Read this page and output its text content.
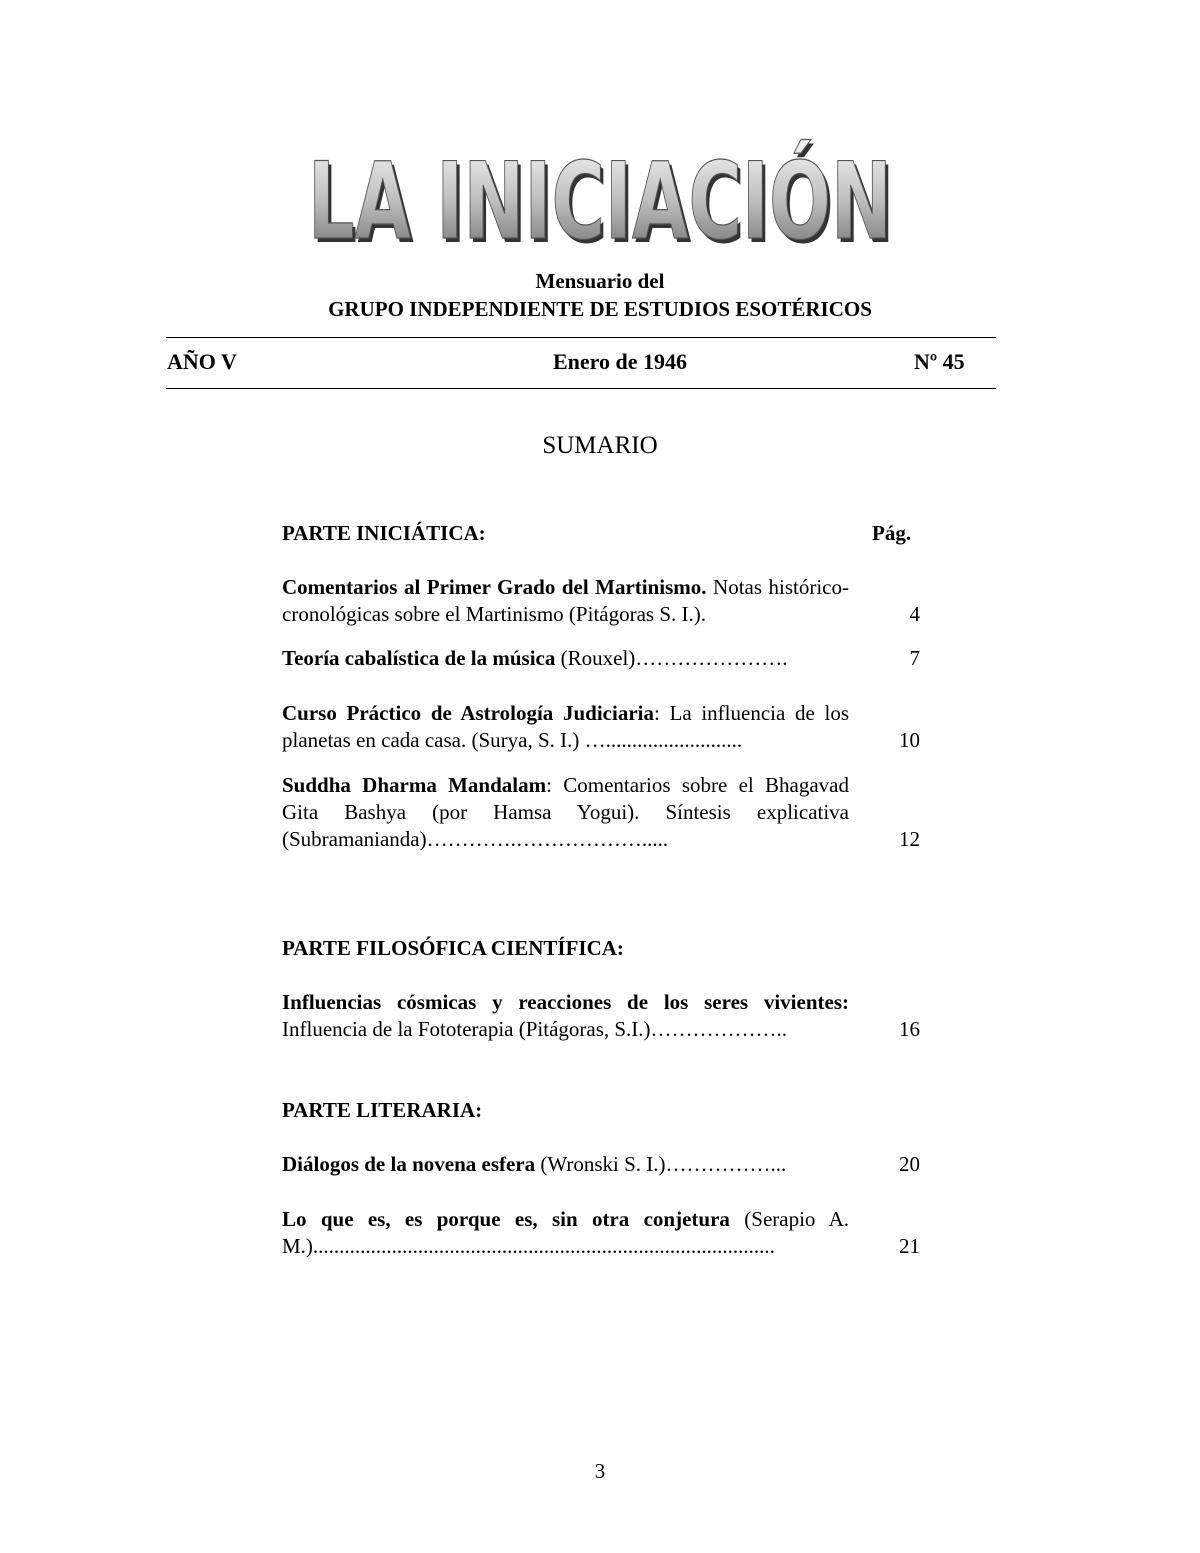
LA INICIACIÓN
LA INICIACIÓN
Mensuario del
GRUPO INDEPENDIENTE DE ESTUDIOS ESOTÉRICOS
AÑO V	Enero de 1946	Nº 45
SUMARIO
PARTE INICIÁTICA:	Pág.
Comentarios al Primer Grado del Martinismo. Notas histórico-cronológicas sobre el Martinismo (Pitágoras S. I.).	4
Teoría cabalística de la música (Rouxel)………………….	7
Curso Práctico de Astrología Judiciaria: La influencia de los planetas en cada casa. (Surya, S. I.) …..........................	10
Suddha Dharma Mandalam: Comentarios sobre el Bhagavad Gita Bashya (por Hamsa Yogui). Síntesis explicativa (Subramanianda)………….……………….....	12
PARTE FILOSÓFICA CIENTÍFICA:
Influencias cósmicas y reacciones de los seres vivientes: Influencia de la Fototerapia (Pitágoras, S.I.)………………..	16
PARTE LITERARIA:
Diálogos de la novena esfera (Wronski S. I.)……………...	20
Lo que es, es porque es, sin otra conjetura (Serapio A. M.)........................................................................................	21
3
